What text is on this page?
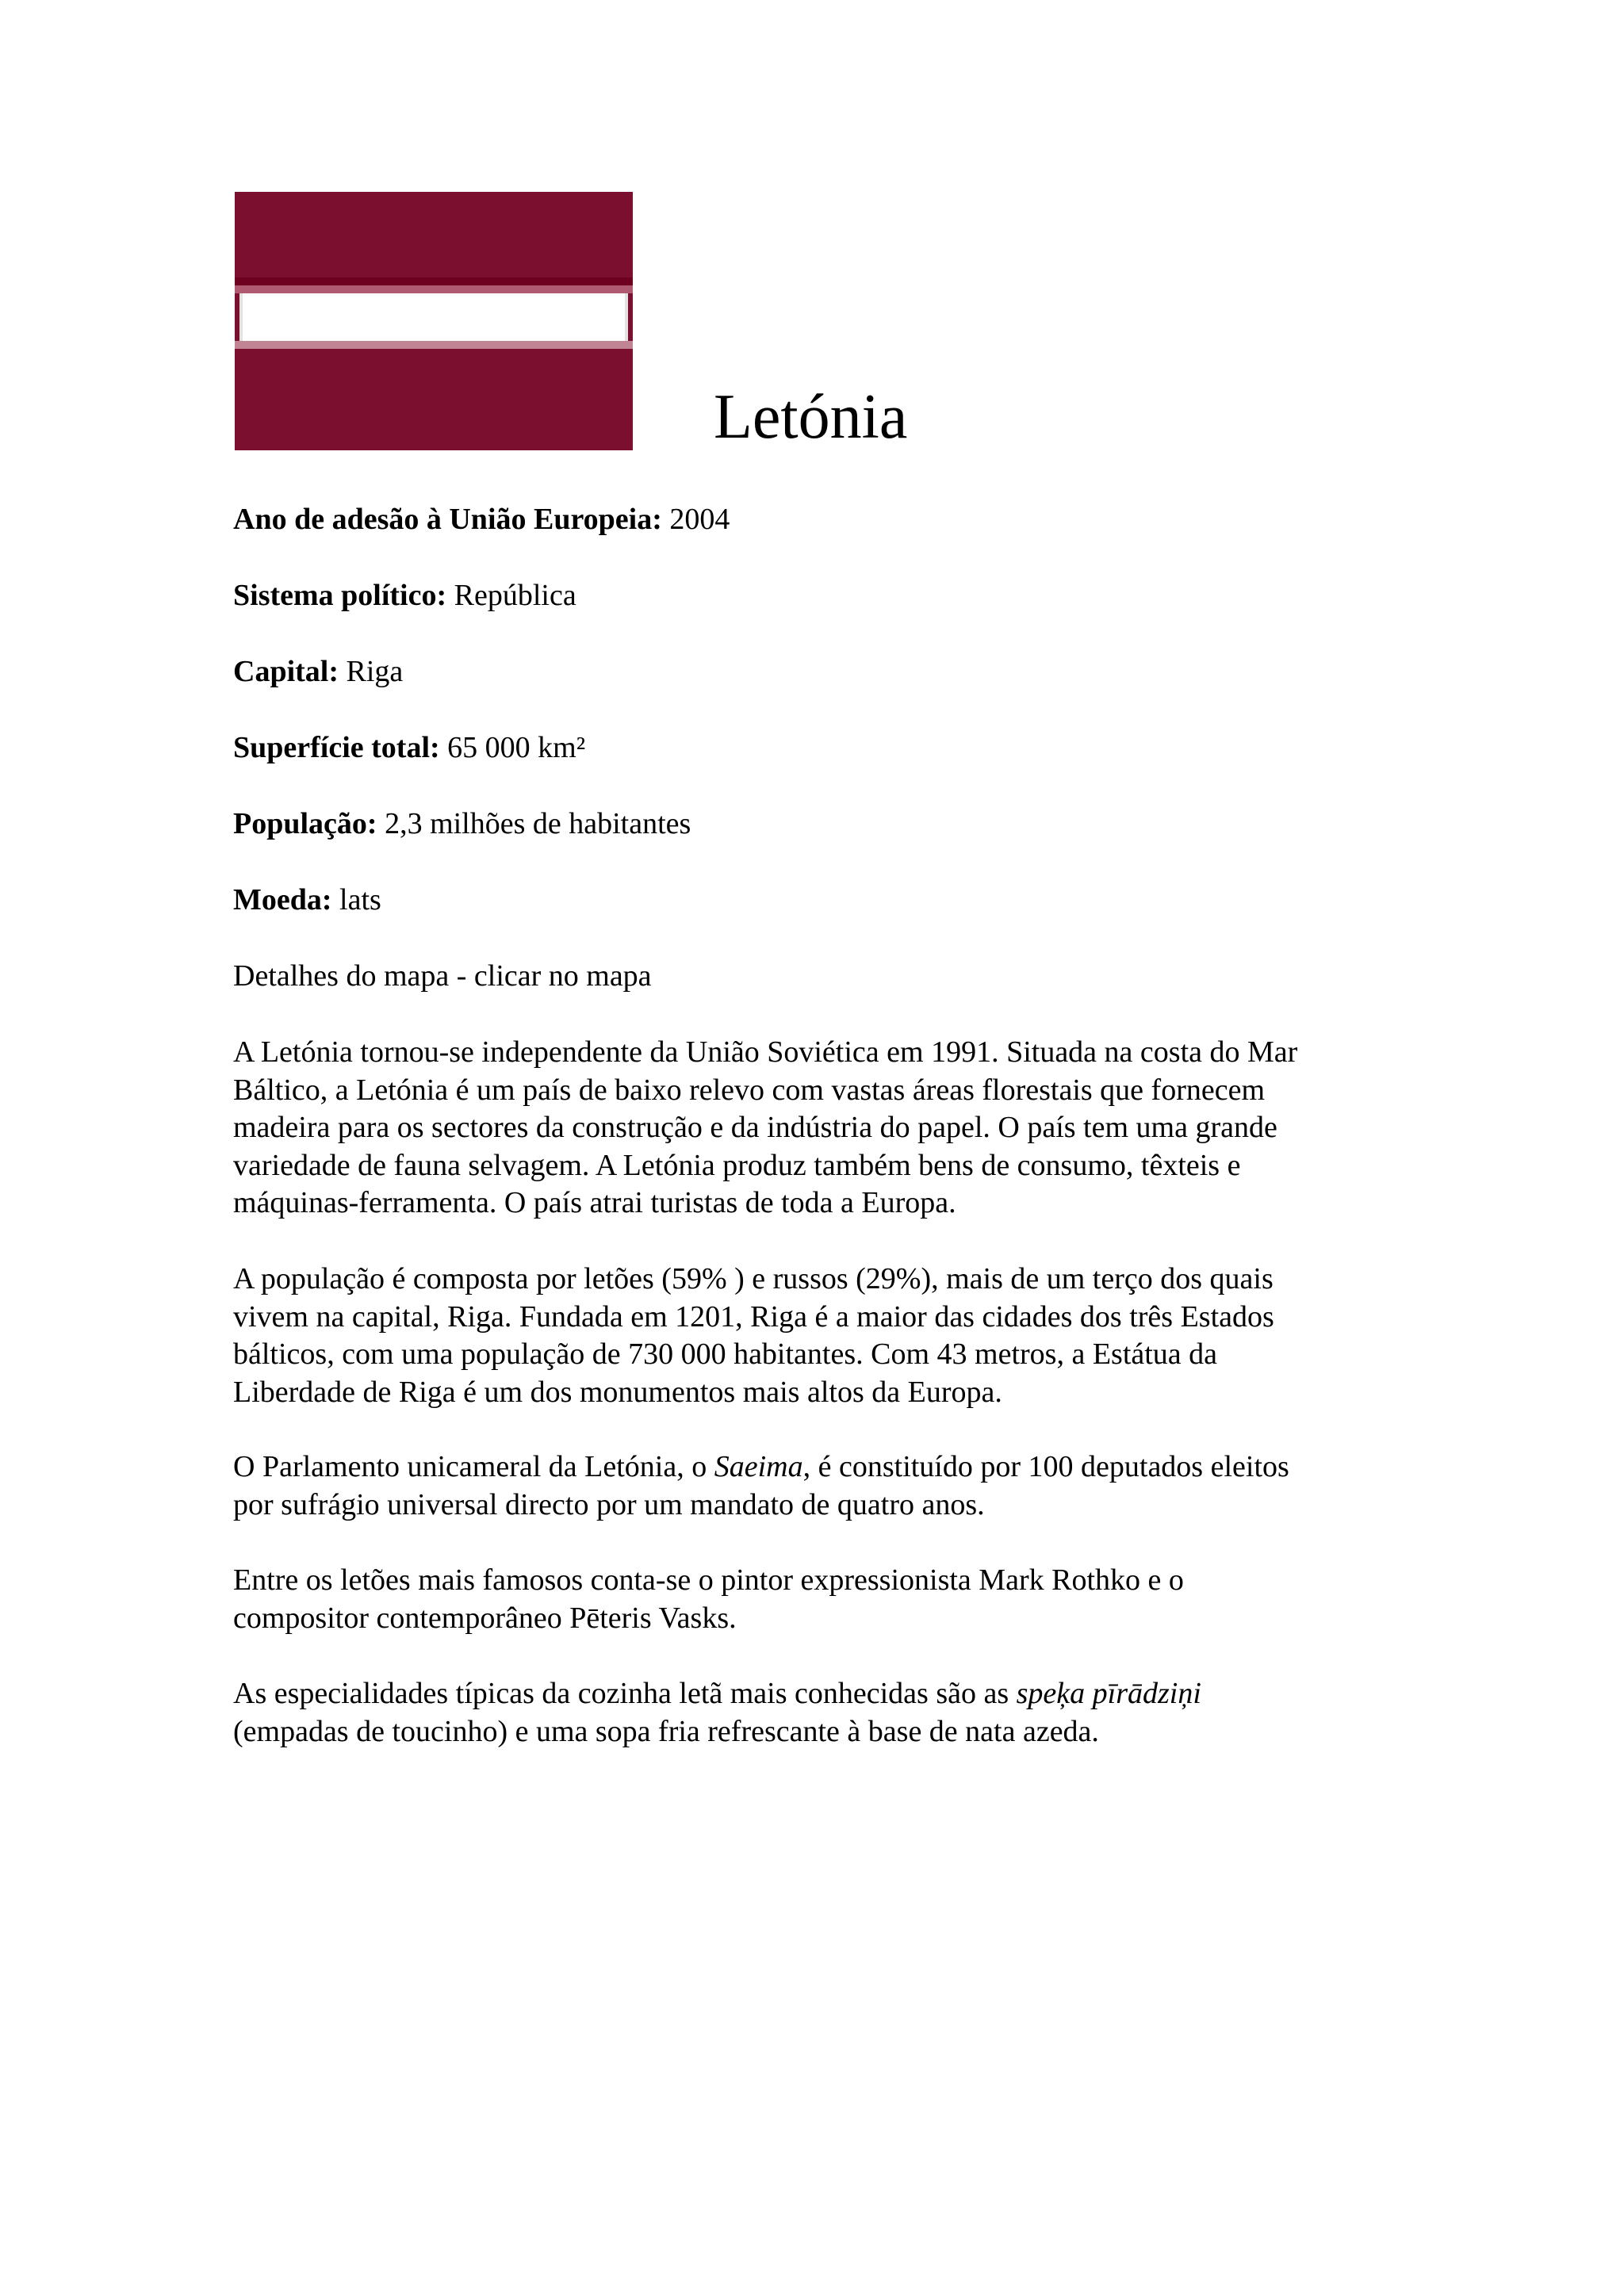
Letónia

Ano de adesão à União Europeia: 2004

Sistema político: República

Capital: Riga

Superfície total: 65 000 km²

População: 2,3 milhões de habitantes

Moeda: lats

Detalhes do mapa - clicar no mapa

A Letónia tornou-se independente da União Soviética em 1991. Situada na costa do Mar
Báltico, a Letónia é um país de baixo relevo com vastas áreas florestais que fornecem
madeira para os sectores da construção e da indústria do papel. O país tem uma grande
variedade de fauna selvagem. A Letónia produz também bens de consumo, têxteis e
máquinas-ferramenta. O país atrai turistas de toda a Europa.
A população é composta por letões (59% ) e russos (29%), mais de um terço dos quais
vivem na capital, Riga. Fundada em 1201, Riga é a maior das cidades dos três Estados
bálticos, com uma população de 730 000 habitantes. Com 43 metros, a Estátua da
Liberdade de Riga é um dos monumentos mais altos da Europa.
O Parlamento unicameral da Letónia, o Saeima, é constituído por 100 deputados eleitos
por sufrágio universal directo por um mandato de quatro anos.
Entre os letões mais famosos conta-se o pintor expressionista Mark Rothko e o
compositor contemporâneo Pēteris Vasks.
As especialidades típicas da cozinha letã mais conhecidas são as speķa pīrādziņi
(empadas de toucinho) e uma sopa fria refrescante à base de nata azeda.
